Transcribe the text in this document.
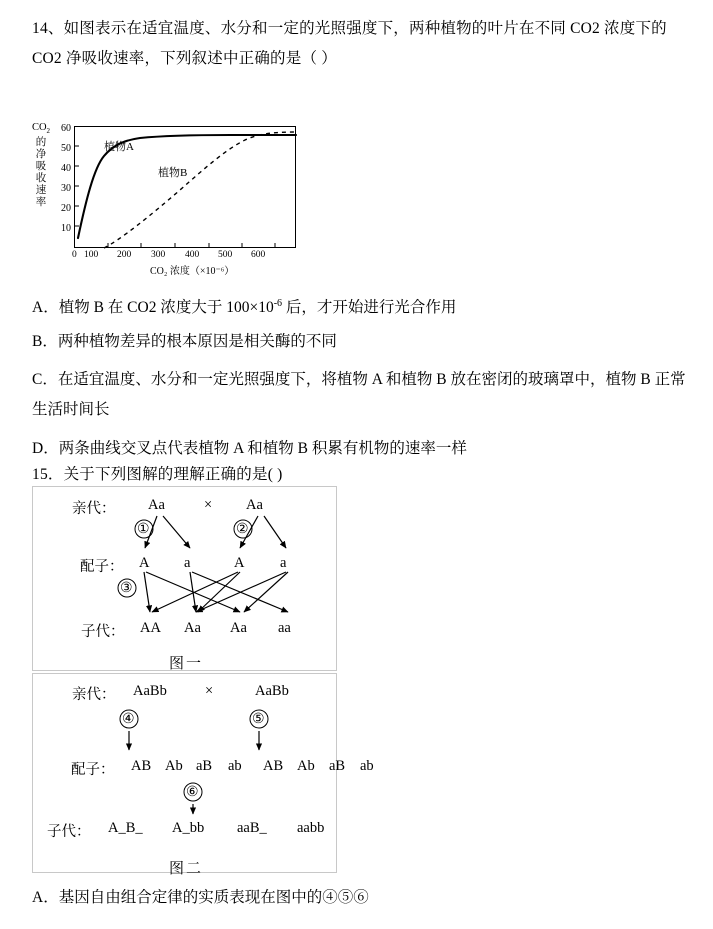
14、如图表示在适宜温度、水分和一定的光照强度下，两种植物的叶片在不同 CO2 浓度下的 CO2 净吸收速率，下列叙述中正确的是（ ）
$CO_2$
的
净
吸
收
速
率
60
50
40
30
20
10
植物A
植物B
0 100 200 300 400 500 600
CO₂ 浓度（×10⁻⁶）
A．植物 B 在 CO2 浓度大于 $100\times 10^{-6}$ 后，才开始进行光合作用
B．两种植物差异的根本原因是相关酶的不同
C．在适宜温度、水分和一定光照强度下，将植物 A 和植物 B 放在密闭的玻璃罩中，植物 B 正常生活时间长
D．两条曲线交叉点代表植物 A 和植物 B 积累有机物的速率一样
15．关于下列图解的理解正确的是( )
亲代： Aa	× Aa
①	②
配子： A a	A a
③
子代： AA Aa Aa aa
图一
亲代： AaBb	×	AaBb
④	⑤
配子： AB Ab aB ab AB Ab aB ab
⑥
子代： A_B_ A_bb aaB_ aabb
图二
A．基因自由组合定律的实质表现在图中的④⑤⑥
